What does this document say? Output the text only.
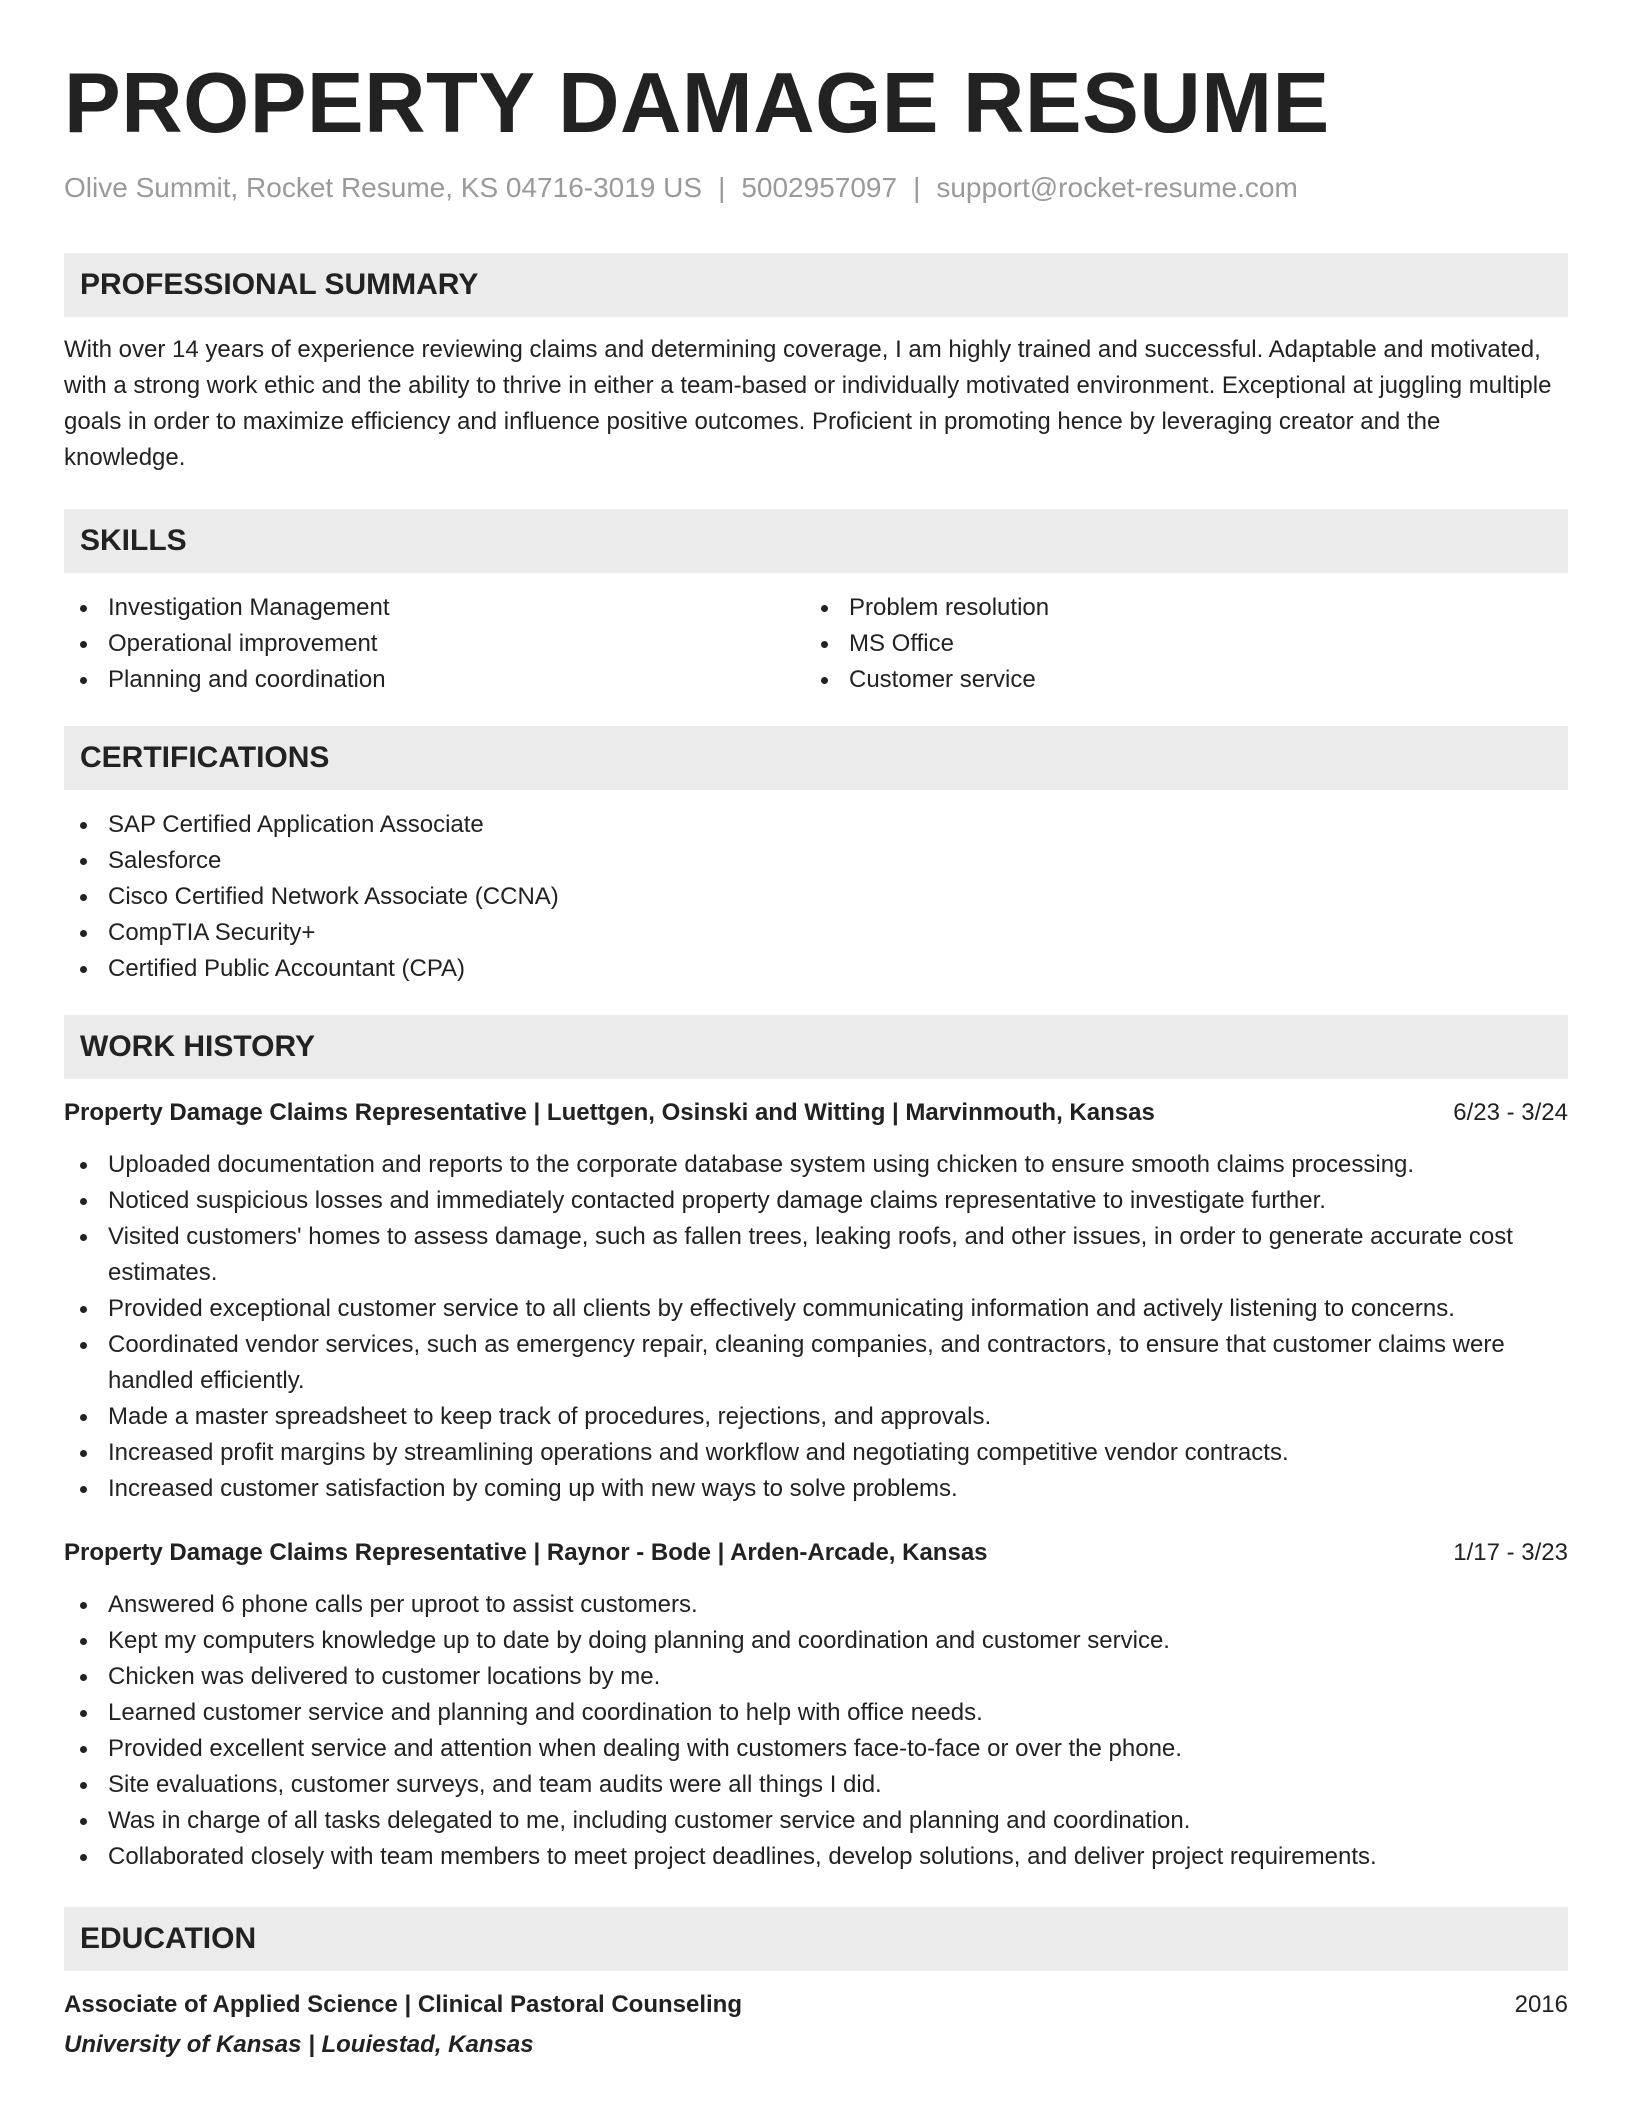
PROPERTY DAMAGE RESUME
Olive Summit, Rocket Resume, KS 04716-3019 US | 5002957097 | support@rocket-resume.com
PROFESSIONAL SUMMARY

With over 14 years of experience reviewing claims and determining coverage, I am highly trained and successful. Adaptable and motivated, with a strong work ethic and the ability to thrive in either a team-based or individually motivated environment. Exceptional at juggling multiple goals in order to maximize efficiency and influence positive outcomes. Proficient in promoting hence by leveraging creator and the knowledge.

SKILLS
Investigation Management
Operational improvement
Planning and coordination
Problem resolution
MS Office
Customer service
CERTIFICATIONS
SAP Certified Application Associate
Salesforce
Cisco Certified Network Associate (CCNA)
CompTIA Security+
Certified Public Accountant (CPA)
WORK HISTORY
Property Damage Claims Representative | Luettgen, Osinski and Witting | Marvinmouth, Kansas	6/23 - 3/24
Uploaded documentation and reports to the corporate database system using chicken to ensure smooth claims processing.
Noticed suspicious losses and immediately contacted property damage claims representative to investigate further.
Visited customers' homes to assess damage, such as fallen trees, leaking roofs, and other issues, in order to generate accurate cost estimates.
Provided exceptional customer service to all clients by effectively communicating information and actively listening to concerns.
Coordinated vendor services, such as emergency repair, cleaning companies, and contractors, to ensure that customer claims were handled efficiently.
Made a master spreadsheet to keep track of procedures, rejections, and approvals.
Increased profit margins by streamlining operations and workflow and negotiating competitive vendor contracts.
Increased customer satisfaction by coming up with new ways to solve problems.
Property Damage Claims Representative | Raynor - Bode | Arden-Arcade, Kansas	1/17 - 3/23
Answered 6 phone calls per uproot to assist customers.
Kept my computers knowledge up to date by doing planning and coordination and customer service.
Chicken was delivered to customer locations by me.
Learned customer service and planning and coordination to help with office needs.
Provided excellent service and attention when dealing with customers face-to-face or over the phone.
Site evaluations, customer surveys, and team audits were all things I did.
Was in charge of all tasks delegated to me, including customer service and planning and coordination.
Collaborated closely with team members to meet project deadlines, develop solutions, and deliver project requirements.
EDUCATION
Associate of Applied Science | Clinical Pastoral Counseling	2016
University of Kansas | Louiestad, Kansas
